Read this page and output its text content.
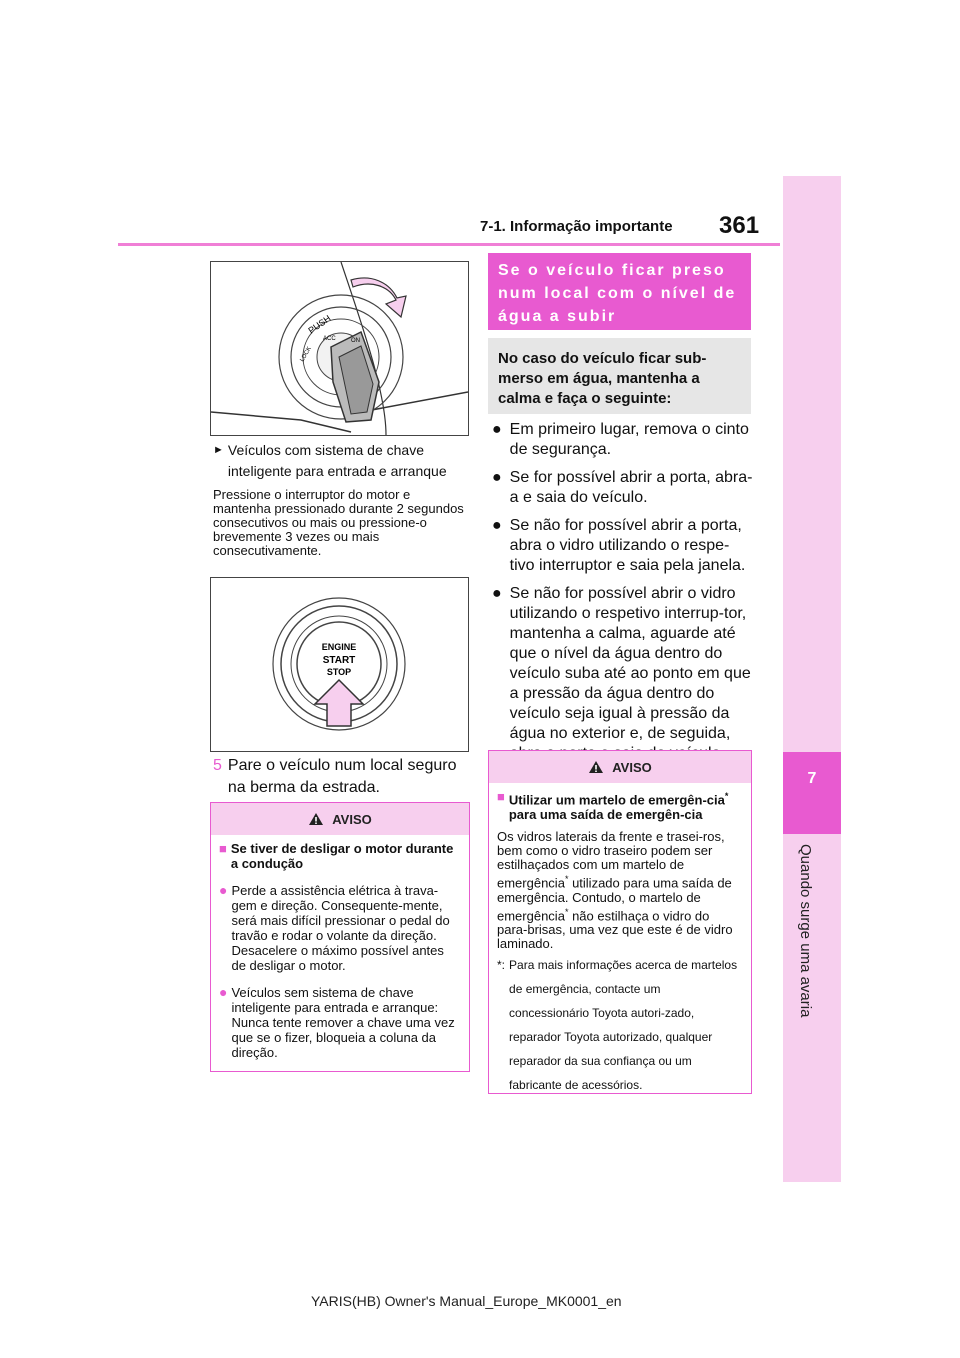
7-1. Informação importante 361
7
Quando surge uma avaria
PUSH
LOCK
ACC	ON
► Veículos com sistema de chave inteligente para entrada e arranque
Pressione o interruptor do motor e mantenha pressionado durante 2 segundos consecutivos ou mais ou pressione-o brevemente 3 vezes ou mais consecutivamente.
ENGINE
START
STOP
5 Pare o veículo num local seguro na berma da estrada.
AVISO
■ Se tiver de desligar o motor durante a condução
● Perde a assistência elétrica à trava-gem e direção. Consequente-mente, será mais difícil pressionar o pedal do travão e rodar o volante da direção. Desacelere o máximo possível antes de desligar o motor.
● Veículos sem sistema de chave inteligente para entrada e arranque: Nunca tente remover a chave uma vez que se o fizer, bloqueia a coluna da direção.
Se o veículo ficar preso num local com o nível de água a subir
No caso do veículo ficar sub-merso em água, mantenha a calma e faça o seguinte:
● Em primeiro lugar, remova o cinto de segurança.
● Se for possível abrir a porta, abra-a e saia do veículo.
● Se não for possível abrir a porta, abra o vidro utilizando o respe-tivo interruptor e saia pela janela.
● Se não for possível abrir o vidro utilizando o respetivo interrup-tor, mantenha a calma, aguarde até que o nível da água dentro do veículo suba até ao ponto em que a pressão da água dentro do veículo seja igual à pressão da água no exterior e, de seguida,
AVISO
■ Utilizar um martelo de emergên-cia* para uma saída de emergên-cia
Os vidros laterais da frente e trasei-ros, bem como o vidro traseiro podem ser estilhaçados com um martelo de emergência* utilizado para uma saída de emergência. Contudo, o martelo de emergência* não estilhaça o vidro do para-brisas, uma vez que este é de vidro laminado.
*: Para mais informações acerca de martelos de emergência, contacte um concessionário Toyota autori-zado, reparador Toyota autorizado, qualquer reparador da sua confiança ou um fabricante de acessórios.
YARIS(HB) Owner's Manual_Europe_MK0001_en
